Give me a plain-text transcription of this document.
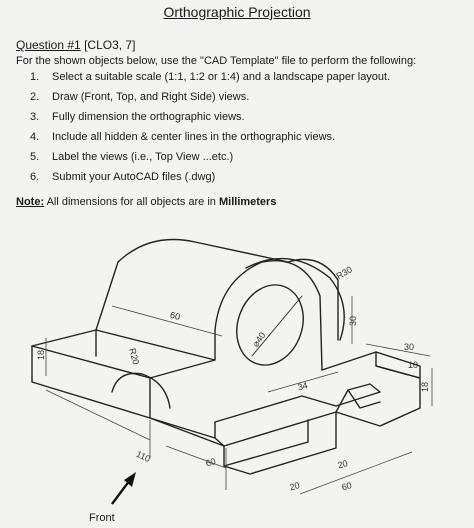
Orthographic Projection
Question #1 [CLO3, 7]
For the shown objects below, use the "CAD Template" file to perform the following:
1. Select a suitable scale (1:1, 1:2 or 1:4) and a landscape paper layout.
2. Draw (Front, Top, and Right Side) views.
3. Fully dimension the orthographic views.
4. Include all hidden & center lines in the orthographic views.
5. Label the views (i.e., Top View ...etc.)
6. Submit your AutoCAD files (.dwg)
Note: All dimensions for all objects are in Millimeters
18	R20
60
⌀40
R30
30
34
30
10
18
110	60
20
20
60
Front
